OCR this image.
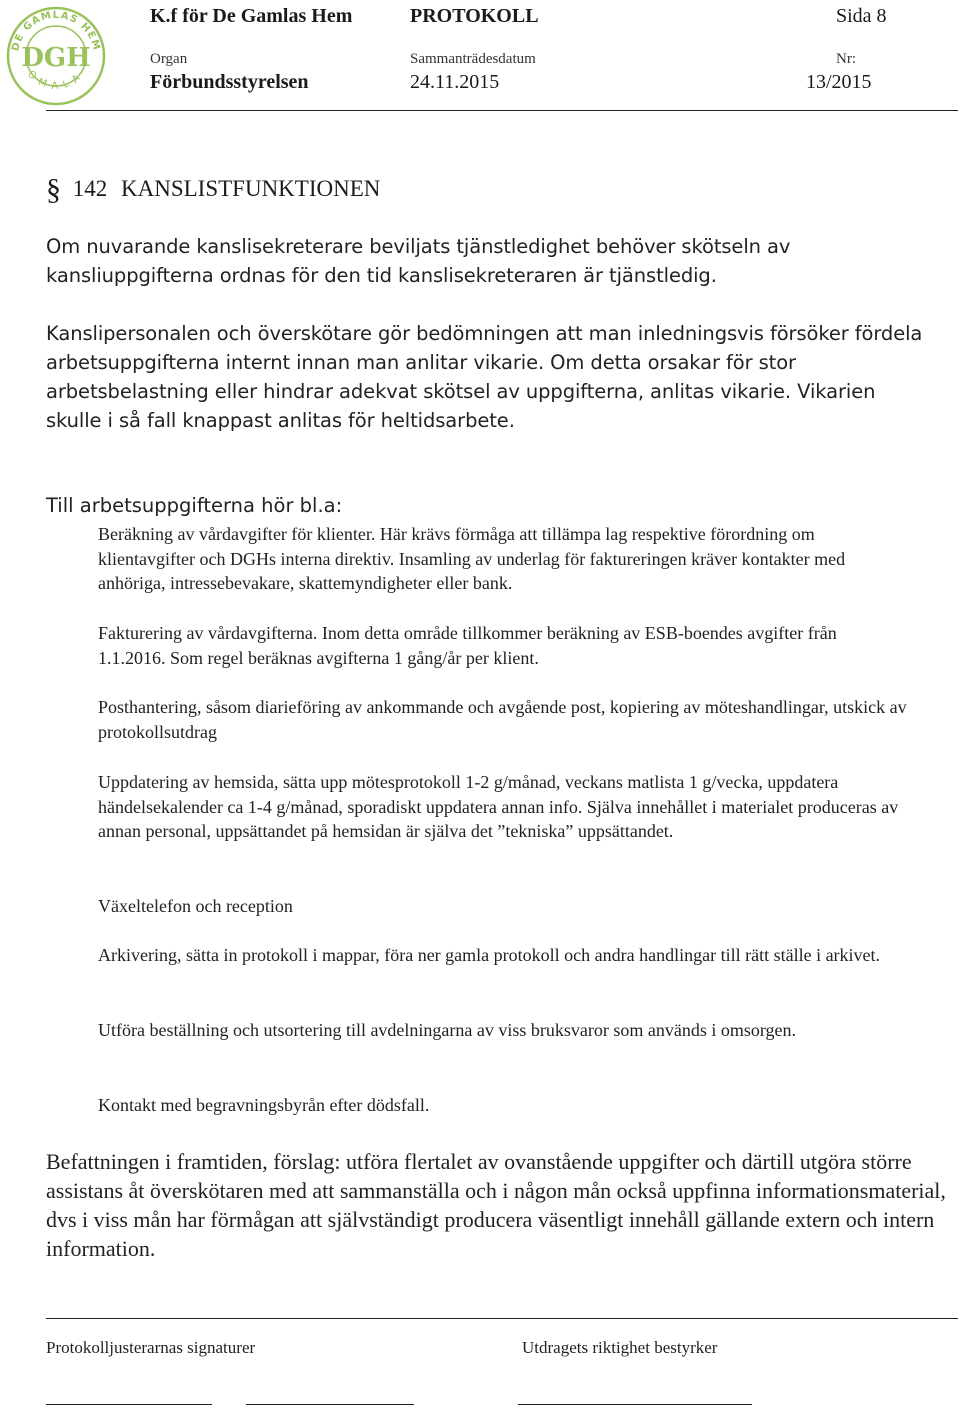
DE GAMLAS HEM
OMALA
DGH
K.f för De Gamlas Hem	PROTOKOLL	Sida 8
Organ	Sammanträdesdatum	Nr:
Förbundsstyrelsen	24.11.2015	13/2015
§ 142 KANSLISTFUNKTIONEN
Om nuvarande kanslisekreterare beviljats tjänstledighet behöver skötseln av kansliuppgifterna ordnas för den tid kanslisekreteraren är tjänstledig.
Kanslipersonalen och överskötare gör bedömningen att man inledningsvis försöker fördela arbetsuppgifterna internt innan man anlitar vikarie. Om detta orsakar för stor arbetsbelastning eller hindrar adekvat skötsel av uppgifterna, anlitas vikarie. Vikarien skulle i så fall knappast anlitas för heltidsarbete.
Till arbetsuppgifterna hör bl.a:
Beräkning av vårdavgifter för klienter. Här krävs förmåga att tillämpa lag respektive förordning om klientavgifter och DGHs interna direktiv. Insamling av underlag för faktureringen kräver kontakter med anhöriga, intressebevakare, skattemyndigheter eller bank.
Fakturering av vårdavgifterna. Inom detta område tillkommer beräkning av ESB-boendes avgifter från 1.1.2016. Som regel beräknas avgifterna 1 gång/år per klient.
Posthantering, såsom diarieföring av ankommande och avgående post, kopiering av möteshandlingar, utskick av protokollsutdrag
Uppdatering av hemsida, sätta upp mötesprotokoll 1-2 g/månad, veckans matlista 1 g/vecka, uppdatera händelsekalender ca 1-4 g/månad, sporadiskt uppdatera annan info. Själva innehållet i materialet produceras av annan personal, uppsättandet på hemsidan är själva det ”tekniska” uppsättandet.
Växeltelefon och reception
Arkivering, sätta in protokoll i mappar, föra ner gamla protokoll och andra handlingar till rätt ställe i arkivet.
Utföra beställning och utsortering till avdelningarna av viss bruksvaror som används i omsorgen.
Kontakt med begravningsbyrån efter dödsfall.
Befattningen i framtiden, förslag: utföra flertalet av ovanstående uppgifter och därtill utgöra större assistans åt överskötaren med att sammanställa och i någon mån också uppfinna informationsmaterial, dvs i viss mån har förmågan att självständigt producera väsentligt innehåll gällande extern och intern information.
Protokolljusterarnas signaturer	Utdragets riktighet bestyrker
